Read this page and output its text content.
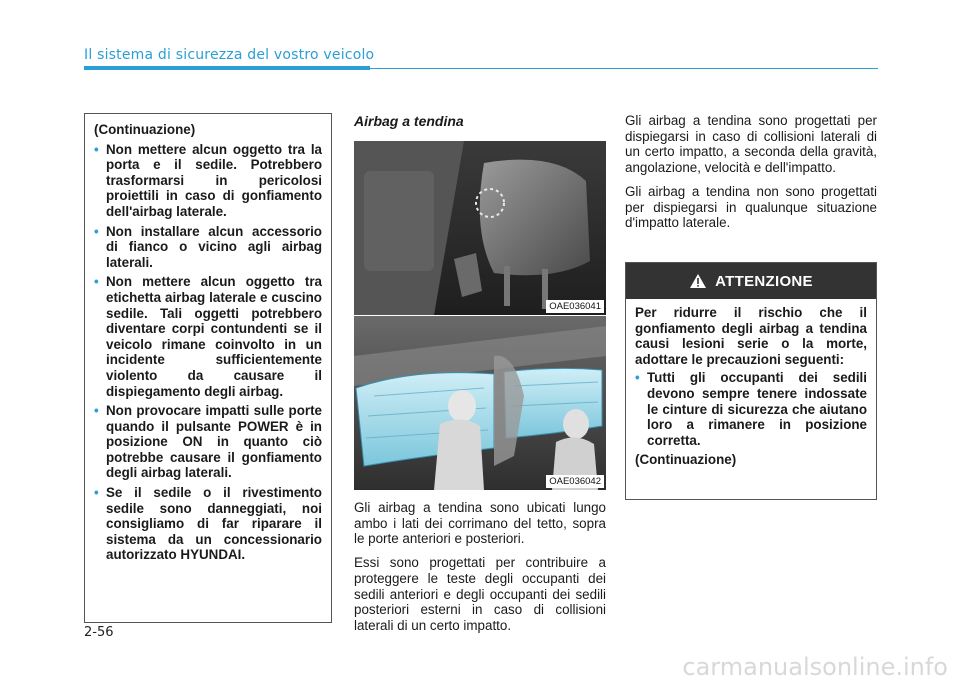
Il sistema di sicurezza del vostro veicolo
(Continuazione)
• Non mettere alcun oggetto tra la porta e il sedile. Potrebbero trasformarsi in pericolosi proiettili in caso di gonfiamento dell'airbag laterale.
• Non installare alcun accessorio di fianco o vicino agli airbag laterali.
• Non mettere alcun oggetto tra etichetta airbag laterale e cuscino sedile. Tali oggetti potrebbero diventare corpi contundenti se il veicolo rimane coinvolto in un incidente sufficientemente violento da causare il dispiegamento degli airbag.
• Non provocare impatti sulle porte quando il pulsante POWER è in posizione ON in quanto ciò potrebbe causare il gonfiamento degli airbag laterali.
• Se il sedile o il rivestimento sedile sono danneggiati, noi consigliamo di far riparare il sistema da un concessionario autorizzato HYUNDAI.
Airbag a tendina
OAE036041
OAE036042

Gli airbag a tendina sono ubicati lungo ambo i lati dei corrimano del tetto, sopra le porte anteriori e posteriori.

Essi sono progettati per contribuire a proteggere le teste degli occupanti dei sedili anteriori e degli occupanti dei sedili posteriori esterni in caso di collisioni laterali di un certo impatto.

Gli airbag a tendina sono progettati per dispiegarsi in caso di collisioni laterali di un certo impatto, a seconda della gravità, angolazione, velocità e dell'impatto.

Gli airbag a tendina non sono progettati per dispiegarsi in qualunque situazione d'impatto laterale.

ATTENZIONE

Per ridurre il rischio che il gonfiamento degli airbag a tendina causi lesioni serie o la morte, adottare le precauzioni seguenti:

• Tutti gli occupanti dei sedili devono sempre tenere indossate le cinture di sicurezza che aiutano loro a rimanere in posizione corretta.

(Continuazione)

2-56
carmanualsonline.info
